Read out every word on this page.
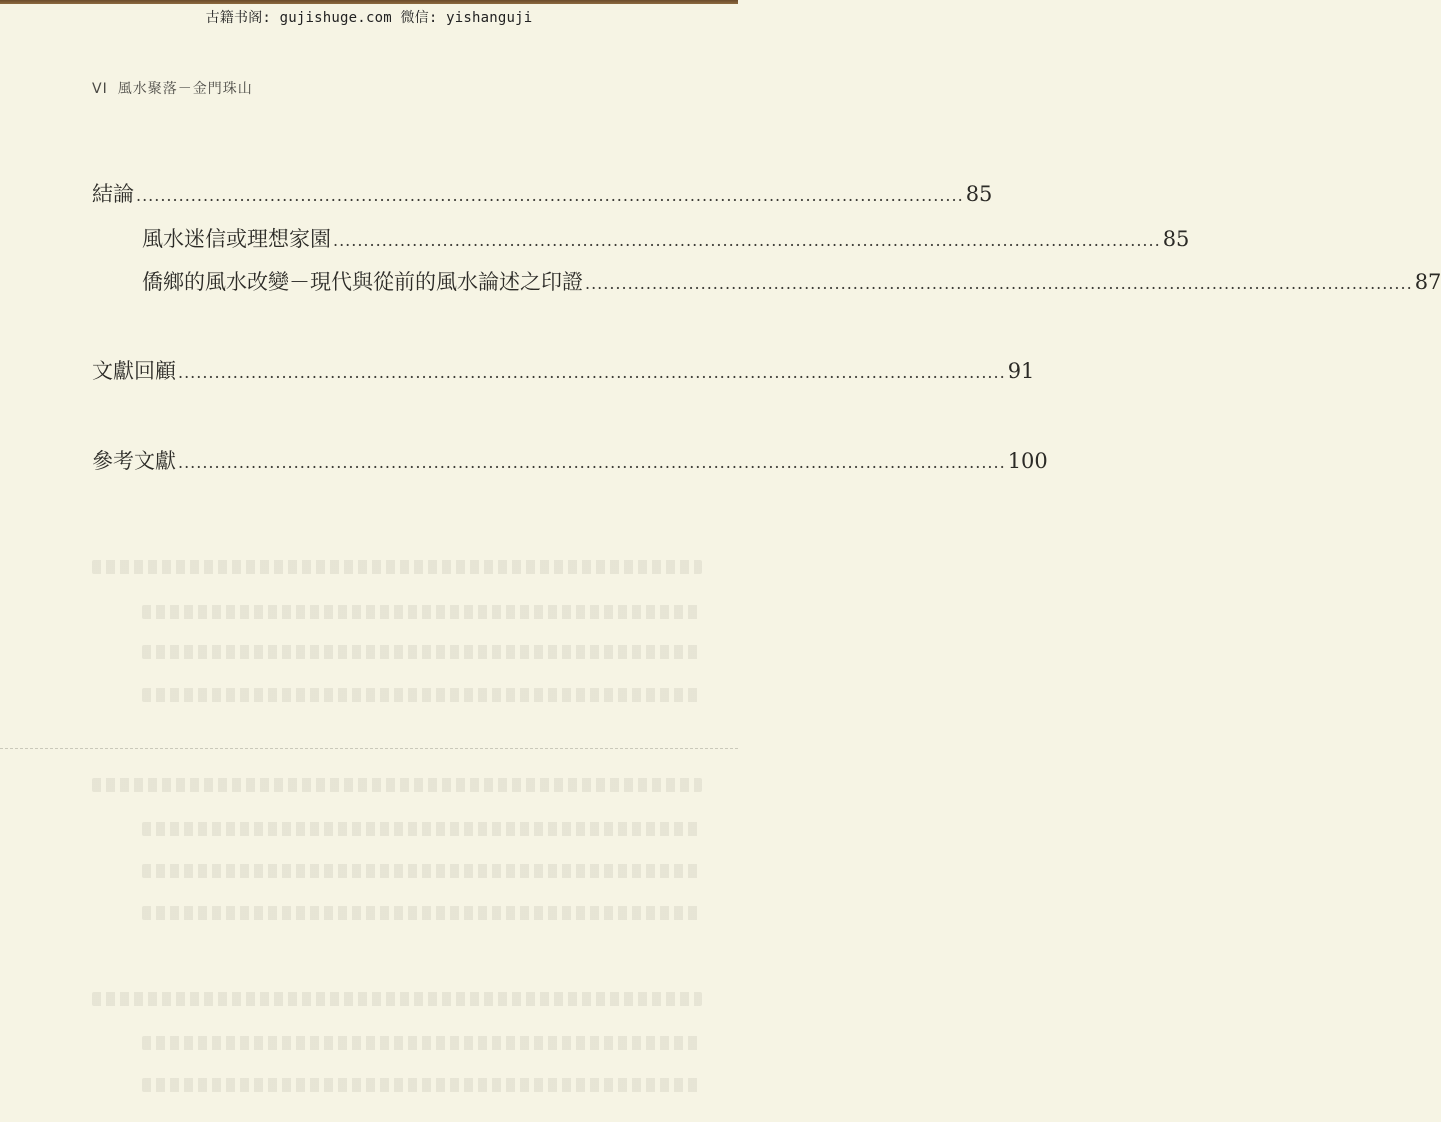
古籍书阁: gujishuge.com 微信: yishanguji
VI 風水聚落－金門珠山
結論 ........................................................................................................................................ 85
風水迷信或理想家園 ........................................................................................................................................ 85
僑鄉的風水改變－現代與從前的風水論述之印證 ........................................................................................................................................ 87
文獻回顧 ........................................................................................................................................ 91
參考文獻 ........................................................................................................................................ 100
